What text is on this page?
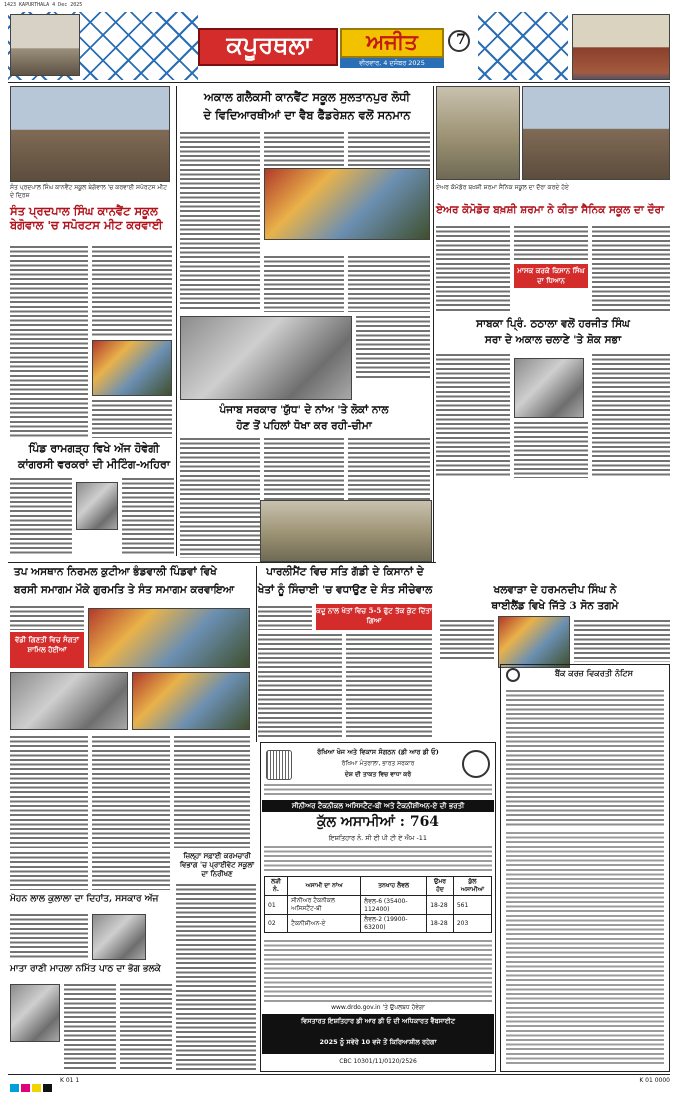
1423 KAPURTHALA 4 Dec 2025
ਕਪੂਰਥਲਾ	ਅਜੀਤ
ਵੀਰਵਾਰ, 4 ਦਸੰਬਰ 2025
7
ਸੰਤ ਪ੍ਰਦਪਾਲ ਸਿੰਘ ਕਾਨਵੈਂਟ ਸਕੂਲ ਬੇਗੋਵਾਲ 'ਚ ਕਰਵਾਈ ਸਪੋਰਟਸ ਮੀਟ ਦੇ ਦ੍ਰਿਸ਼
ਸੰਤ ਪ੍ਰਦਪਾਲ ਸਿੰਘ ਕਾਨਵੈਂਟ ਸਕੂਲ ਬੇਗੋਵਾਲ 'ਚ ਸਪੋਰਟਸ ਮੀਟ ਕਰਵਾਈ
ਪਿੰਡ ਰਾਮਗੜ੍ਹ ਵਿਖੇ ਅੱਜ ਹੋਵੇਗੀ
ਕਾਂਗਰਸੀ ਵਰਕਰਾਂ ਦੀ ਮੀਟਿੰਗ-ਅਹਿਰਾ
ਅਕਾਲ ਗਲੈਕਸੀ ਕਾਨਵੈਂਟ ਸਕੂਲ ਸੁਲਤਾਨਪੁਰ ਲੋਧੀ
ਦੇ ਵਿਦਿਆਰਥੀਆਂ ਦਾ ਵੈਬ ਫੈੱਡਰੇਸ਼ਨ ਵਲੋਂ ਸਨਮਾਨ
ਪੰਜਾਬ ਸਰਕਾਰ 'ਯੁੱਧ' ਦੇ ਨਾਂਅ 'ਤੇ ਲੋਕਾਂ ਨਾਲ
ਹੋਣ ਤੋਂ ਪਹਿਲਾਂ ਧੋਖਾ ਕਰ ਰਹੀ-ਚੀਮਾ
ਏਅਰ ਕੋਮੋਡੋਰ ਬਖ਼ਸ਼ੀ ਸ਼ਰਮਾ ਸੈਨਿਕ ਸਕੂਲ ਦਾ ਦੌਰਾ ਕਰਦੇ ਹੋਏ
ਏਅਰ ਕੋਮੋਡੋਰ ਬਖ਼ਸ਼ੀ ਸ਼ਰਮਾ ਨੇ ਕੀਤਾ ਸੈਨਿਕ ਸਕੂਲ ਦਾ ਦੌਰਾ
ਮਾਸਕ ਕਰਕੇ ਕਿਸਾਨ ਸਿੰਘ ਦਾ ਧਿਆਨ
ਸਾਬਕਾ ਪ੍ਰਿੰ. ਠਠਾਲਾ ਵਲੋਂ ਹਰਜੀਤ ਸਿੰਘ
ਸਰਾ ਦੇ ਅਕਾਲ ਚਲਾਣੇ 'ਤੇ ਸ਼ੋਕ ਸਭਾ
ਤਪ ਅਸਥਾਨ ਨਿਰਮਲ ਕੁਟੀਆ ਭੰਡਵਾਲੀ ਪਿੰਡਵਾਂ ਵਿਖੇ
ਬਰਸੀ ਸਮਾਗਮ ਮੌਕੇ ਗੁਰਮਤਿ ਤੇ ਸੰਤ ਸਮਾਗਮ ਕਰਵਾਇਆ
ਵੱਡੀ ਗਿਣਤੀ ਵਿਚ ਸੰਗਤਾਂ ਸ਼ਾਮਿਲ ਹੋਈਆਂ
ਪਾਰਲੀਮੈਂਟ ਵਿਚ ਸਤਿ ਗੱਡੀ ਦੇ ਕਿਸਾਨਾਂ ਦੇ
ਖੇਤਾਂ ਨੂੰ ਸਿੰਚਾਈ 'ਚ ਵਧਾਉਣ ਦੇ ਸੰਤ ਸੀਚੇਵਾਲ
ਕਦੂ ਨਾਲ ਖੇਤਾਂ ਵਿਚ 5-5 ਫੁੱਟ ਤੱਕ ਕੁੱਟ ਦਿੱਤਾ ਗਿਆ
ਖਲਵਾੜਾ ਦੇ ਹਰਮਨਦੀਪ ਸਿੰਘ ਨੇ
ਥਾਈਲੈਂਡ ਵਿਖੇ ਜਿੱਤੇ 3 ਸੋਨ ਤਗਮੇ
ਬੈਂਕ ਕਰਜ਼ ਵਿਕਰਤੀ ਨੋਟਿਸ
ਜ਼ਿਲ੍ਹਾ ਸਫ਼ਾਈ ਕਰਮਚਾਰੀ ਵਿਭਾਗ 'ਚ ਪ੍ਰਾਈਵੇਟ ਸਕੂਲਾਂ ਦਾ ਨਿਰੀਖਣ
ਮੋਹਨ ਲਾਲ ਕੁਲਾਲਾ ਦਾ ਦਿਹਾਂਤ, ਸਸਕਾਰ ਅੱਜ
ਮਾਤਾ ਰਾਣੀ ਮਾਹਲਾ ਨਮਿੱਤ ਪਾਠ ਦਾ ਭੋਗ ਭਲਕੇ
ਰੱਖਿਆ ਖੋਜ ਅਤੇ ਵਿਕਾਸ ਸੰਗਠਨ (ਡੀ ਆਰ ਡੀ ਓ)
ਰੱਖਿਆ ਮੰਤਰਾਲਾ, ਭਾਰਤ ਸਰਕਾਰ
ਦੇਸ਼ ਦੀ ਤਾਕਤ ਵਿਚ ਵਾਧਾ ਕਰੋ
ਸੀਨੀਅਰ ਟੈਕਨੀਕਲ ਅਸਿਸਟੈਂਟ-ਬੀ ਅਤੇ ਟੈਕਨੀਸ਼ੀਅਨ-ਏ ਦੀ ਭਰਤੀ
ਕੁੱਲ ਅਸਾਮੀਆਂ : 764
ਇਸ਼ਤਿਹਾਰ ਨੰ. ਸੀ ਈ ਪੀ ਟੀ ਏ ਐਮ -11
ਲੜੀ ਨੰ.	ਅਸਾਮੀ ਦਾ ਨਾਂਅ	ਤਨਖਾਹ ਲੈਵਲ	ਉਮਰ ਹੱਦ	ਕੁੱਲ ਅਸਾਮੀਆਂ
01	ਸੀਨੀਅਰ ਟੈਕਨੀਕਲ ਅਸਿਸਟੈਂਟ-ਬੀ	ਲੈਵਲ-6 (35400-112400)	18-28	561
02	ਟੈਕਨੀਸ਼ੀਅਨ-ਏ	ਲੈਵਲ-2 (19900-63200)	18-28	203
www.drdo.gov.in 'ਤੇ ਉਪਲਬਧ ਹੋਵੇਗਾ
ਵਿਸਤਾਰਤ ਇਸ਼ਤਿਹਾਰ ਡੀ ਆਰ ਡੀ ਓ ਦੀ ਅਧਿਕਾਰਤ ਵੈੱਬਸਾਈਟ
2025 ਨੂੰ ਸਵੇਰੇ 10 ਵਜੇ ਤੋਂ ਕਿਰਿਆਸ਼ੀਲ ਰਹੇਗਾ
CBC 10301/11/0120/2526
K 01 1	K 01 0000
